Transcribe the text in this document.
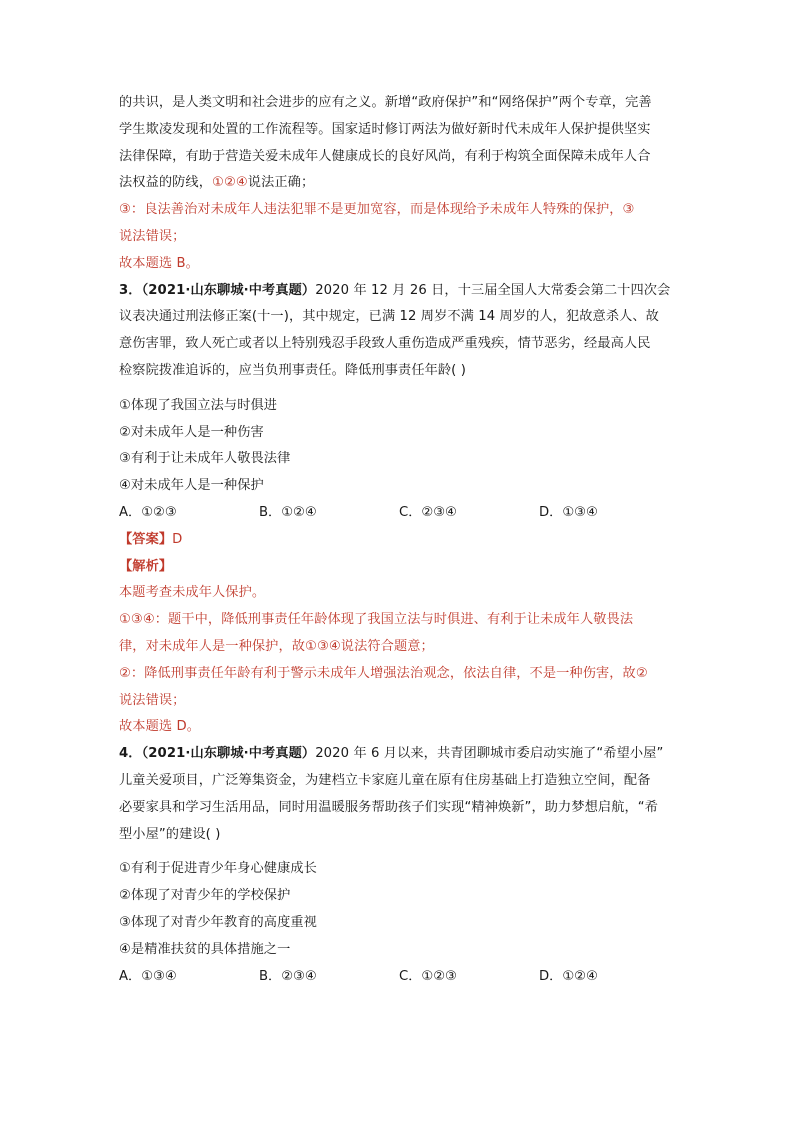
的共识，是人类文明和社会进步的应有之义。新增“政府保护”和“网络保护”两个专章，完善
学生欺凌发现和处置的工作流程等。国家适时修订两法为做好新时代未成年人保护提供坚实
法律保障，有助于营造关爱未成年人健康成长的良好风尚，有利于构筑全面保障未成年人合
法权益的防线，①②④说法正确；
③：良法善治对未成年人违法犯罪不是更加宽容，而是体现给予未成年人特殊的保护，③
说法错误；
故本题选 B。
3．（2021·山东聊城·中考真题）2020 年 12 月 26 日，十三届全国人大常委会第二十四次会
议表决通过刑法修正案(十一)，其中规定，已满 12 周岁不满 14 周岁的人，犯故意杀人、故
意伤害罪，致人死亡或者以上特别残忍手段致人重伤造成严重残疾，情节恶劣，经最高人民
检察院拨准追诉的，应当负刑事责任。降低刑事责任年龄( )
①体现了我国立法与时俱进
②对未成年人是一种伤害
③有利于让未成年人敬畏法律
④对未成年人是一种保护
A．①②③	B．①②④	C．②③④	D．①③④
【答案】D
【解析】
本题考查未成年人保护。
①③④：题干中，降低刑事责任年龄体现了我国立法与时俱进、有利于让未成年人敬畏法
律，对未成年人是一种保护，故①③④说法符合题意；
②：降低刑事责任年龄有利于警示未成年人增强法治观念，依法自律，不是一种伤害，故②
说法错误；
故本题选 D。
4．（2021·山东聊城·中考真题）2020 年 6 月以来，共青团聊城市委启动实施了“希望小屋”
儿童关爱项目，广泛筹集资金，为建档立卡家庭儿童在原有住房基础上打造独立空间，配备
必要家具和学习生活用品，同时用温暖服务帮助孩子们实现“精神焕新”，助力梦想启航，“希
型小屋”的建设( )
①有利于促进青少年身心健康成长
②体现了对青少年的学校保护
③体现了对青少年教育的高度重视
④是精准扶贫的具体措施之一
A．①③④	B．②③④	C．①②③	D．①②④
